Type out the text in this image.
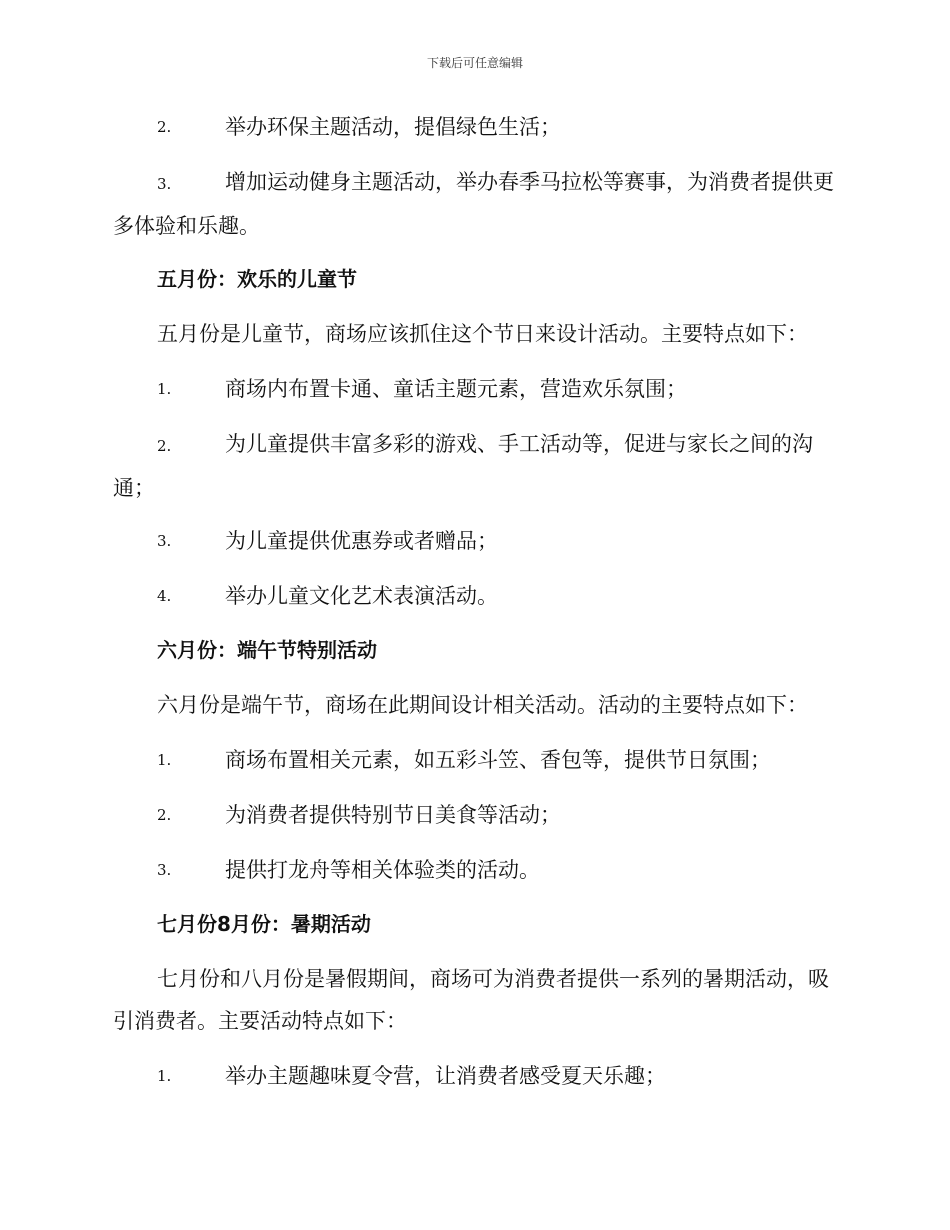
下载后可任意编辑
2.	举办环保主题活动，提倡绿色生活；
3.	增加运动健身主题活动，举办春季马拉松等赛事，为消费者提供更多体验和乐趣。
五月份：欢乐的儿童节
五月份是儿童节，商场应该抓住这个节日来设计活动。主要特点如下：
1.	商场内布置卡通、童话主题元素，营造欢乐氛围；
2.	为儿童提供丰富多彩的游戏、手工活动等，促进与家长之间的沟通；
3.	为儿童提供优惠券或者赠品；
4.	举办儿童文化艺术表演活动。
六月份：端午节特别活动
六月份是端午节，商场在此期间设计相关活动。活动的主要特点如下：
1.	商场布置相关元素，如五彩斗笠、香包等，提供节日氛围；
2.	为消费者提供特别节日美食等活动；
3.	提供打龙舟等相关体验类的活动。
七月份8月份：暑期活动
七月份和八月份是暑假期间，商场可为消费者提供一系列的暑期活动，吸引消费者。主要活动特点如下：
1.	举办主题趣味夏令营，让消费者感受夏天乐趣；
